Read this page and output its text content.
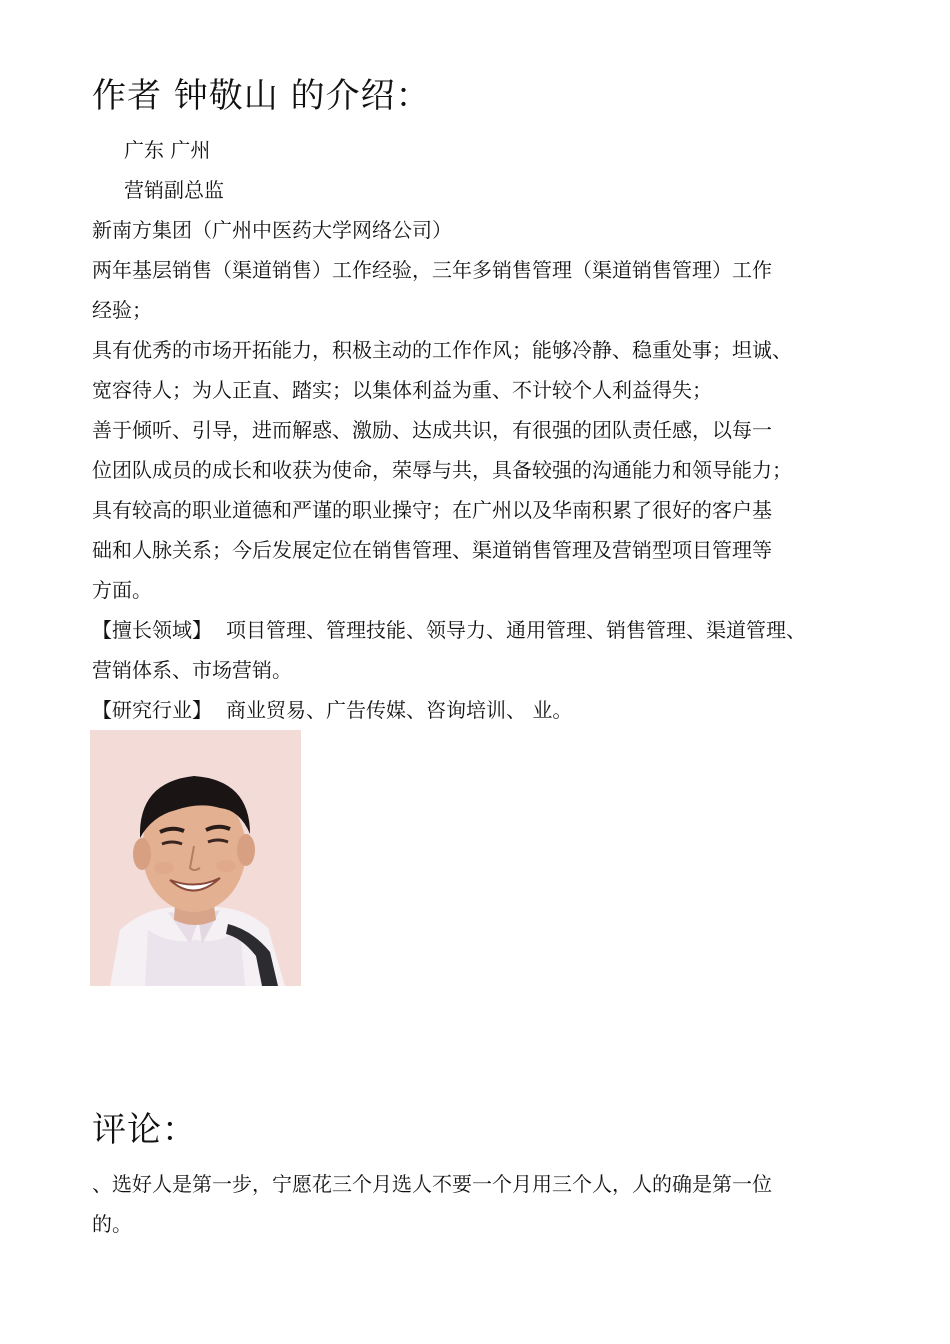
作者 钟敬山 的介绍：
广东 广州
营销副总监
新南方集团（广州中医药大学网络公司）
两年基层销售（渠道销售）工作经验，三年多销售管理（渠道销售管理）工作
经验；
具有优秀的市场开拓能力，积极主动的工作作风；能够冷静、稳重处事；坦诚、
宽容待人；为人正直、踏实；以集体利益为重、不计较个人利益得失；
善于倾听、引导，进而解惑、激励、达成共识，有很强的团队责任感，以每一
位团队成员的成长和收获为使命，荣辱与共，具备较强的沟通能力和领导能力；
具有较高的职业道德和严谨的职业操守；在广州以及华南积累了很好的客户基
础和人脉关系；今后发展定位在销售管理、渠道销售管理及营销型项目管理等
方面。
【擅长领域】 项目管理、管理技能、领导力、通用管理、销售管理、渠道管理、
营销体系、市场营销。
【研究行业】 商业贸易、广告传媒、咨询培训、 业。
评论：
、选好人是第一步，宁愿花三个月选人不要一个月用三个人，人的确是第一位
的。
